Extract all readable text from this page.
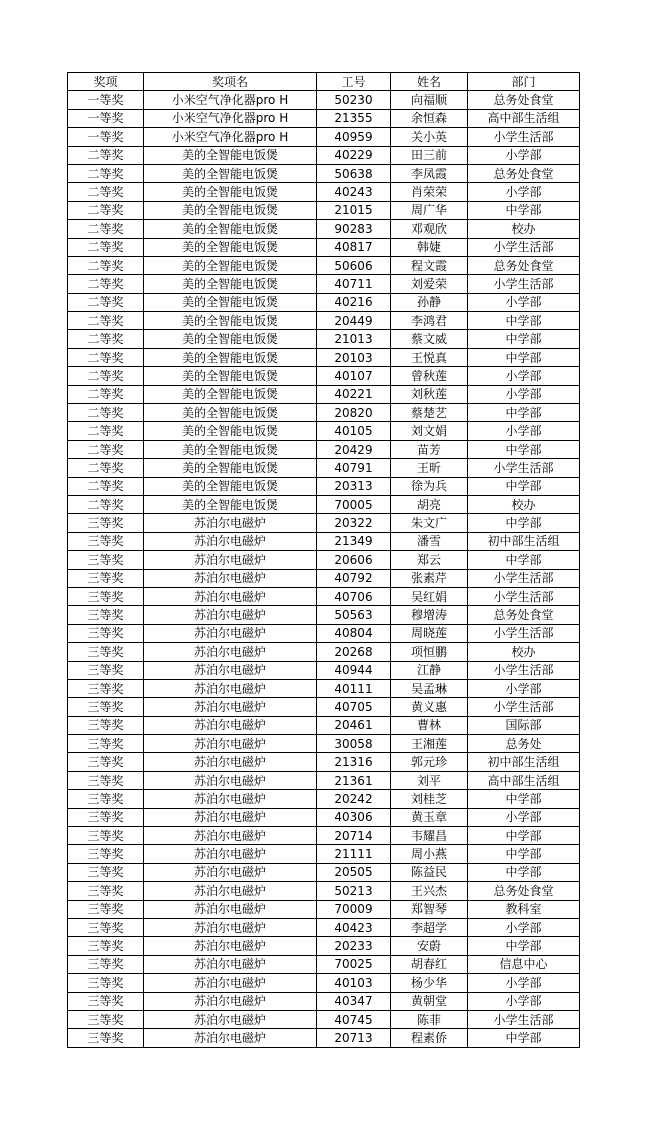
奖项	奖项名	工号	姓名	部门
一等奖	小米空气净化器pro H	50230	向福顺	总务处食堂
一等奖	小米空气净化器pro H	21355	余恒森	高中部生活组
一等奖	小米空气净化器pro H	40959	关小英	小学生活部
二等奖	美的全智能电饭煲	40229	田三前	小学部
二等奖	美的全智能电饭煲	50638	李凤霞	总务处食堂
二等奖	美的全智能电饭煲	40243	肖荣荣	小学部
二等奖	美的全智能电饭煲	21015	周广华	中学部
二等奖	美的全智能电饭煲	90283	邓观欣	校办
二等奖	美的全智能电饭煲	40817	韩婕	小学生活部
二等奖	美的全智能电饭煲	50606	程文霞	总务处食堂
二等奖	美的全智能电饭煲	40711	刘爱荣	小学生活部
二等奖	美的全智能电饭煲	40216	孙静	小学部
二等奖	美的全智能电饭煲	20449	李鸿君	中学部
二等奖	美的全智能电饭煲	21013	蔡文威	中学部
二等奖	美的全智能电饭煲	20103	王悦真	中学部
二等奖	美的全智能电饭煲	40107	曾秋莲	小学部
二等奖	美的全智能电饭煲	40221	刘秋莲	小学部
二等奖	美的全智能电饭煲	20820	蔡楚艺	中学部
二等奖	美的全智能电饭煲	40105	刘文娟	小学部
二等奖	美的全智能电饭煲	20429	苗芳	中学部
二等奖	美的全智能电饭煲	40791	王昕	小学生活部
二等奖	美的全智能电饭煲	20313	徐为兵	中学部
二等奖	美的全智能电饭煲	70005	胡亮	校办
三等奖	苏泊尔电磁炉	20322	朱文广	中学部
三等奖	苏泊尔电磁炉	21349	潘雪	初中部生活组
三等奖	苏泊尔电磁炉	20606	郑云	中学部
三等奖	苏泊尔电磁炉	40792	张素芹	小学生活部
三等奖	苏泊尔电磁炉	40706	吴红娟	小学生活部
三等奖	苏泊尔电磁炉	50563	穆增涛	总务处食堂
三等奖	苏泊尔电磁炉	40804	周晓莲	小学生活部
三等奖	苏泊尔电磁炉	20268	项恒鹏	校办
三等奖	苏泊尔电磁炉	40944	江静	小学生活部
三等奖	苏泊尔电磁炉	40111	吴孟琳	小学部
三等奖	苏泊尔电磁炉	40705	黄义惠	小学生活部
三等奖	苏泊尔电磁炉	20461	曹林	国际部
三等奖	苏泊尔电磁炉	30058	王湘莲	总务处
三等奖	苏泊尔电磁炉	21316	郭元珍	初中部生活组
三等奖	苏泊尔电磁炉	21361	刘平	高中部生活组
三等奖	苏泊尔电磁炉	20242	刘桂芝	中学部
三等奖	苏泊尔电磁炉	40306	黄玉章	小学部
三等奖	苏泊尔电磁炉	20714	韦耀昌	中学部
三等奖	苏泊尔电磁炉	21111	周小燕	中学部
三等奖	苏泊尔电磁炉	20505	陈益民	中学部
三等奖	苏泊尔电磁炉	50213	王兴杰	总务处食堂
三等奖	苏泊尔电磁炉	70009	郑智琴	教科室
三等奖	苏泊尔电磁炉	40423	李超学	小学部
三等奖	苏泊尔电磁炉	20233	安蔚	中学部
三等奖	苏泊尔电磁炉	70025	胡春红	信息中心
三等奖	苏泊尔电磁炉	40103	杨少华	小学部
三等奖	苏泊尔电磁炉	40347	黄朝堂	小学部
三等奖	苏泊尔电磁炉	40745	陈菲	小学生活部
三等奖	苏泊尔电磁炉	20713	程素侨	中学部
